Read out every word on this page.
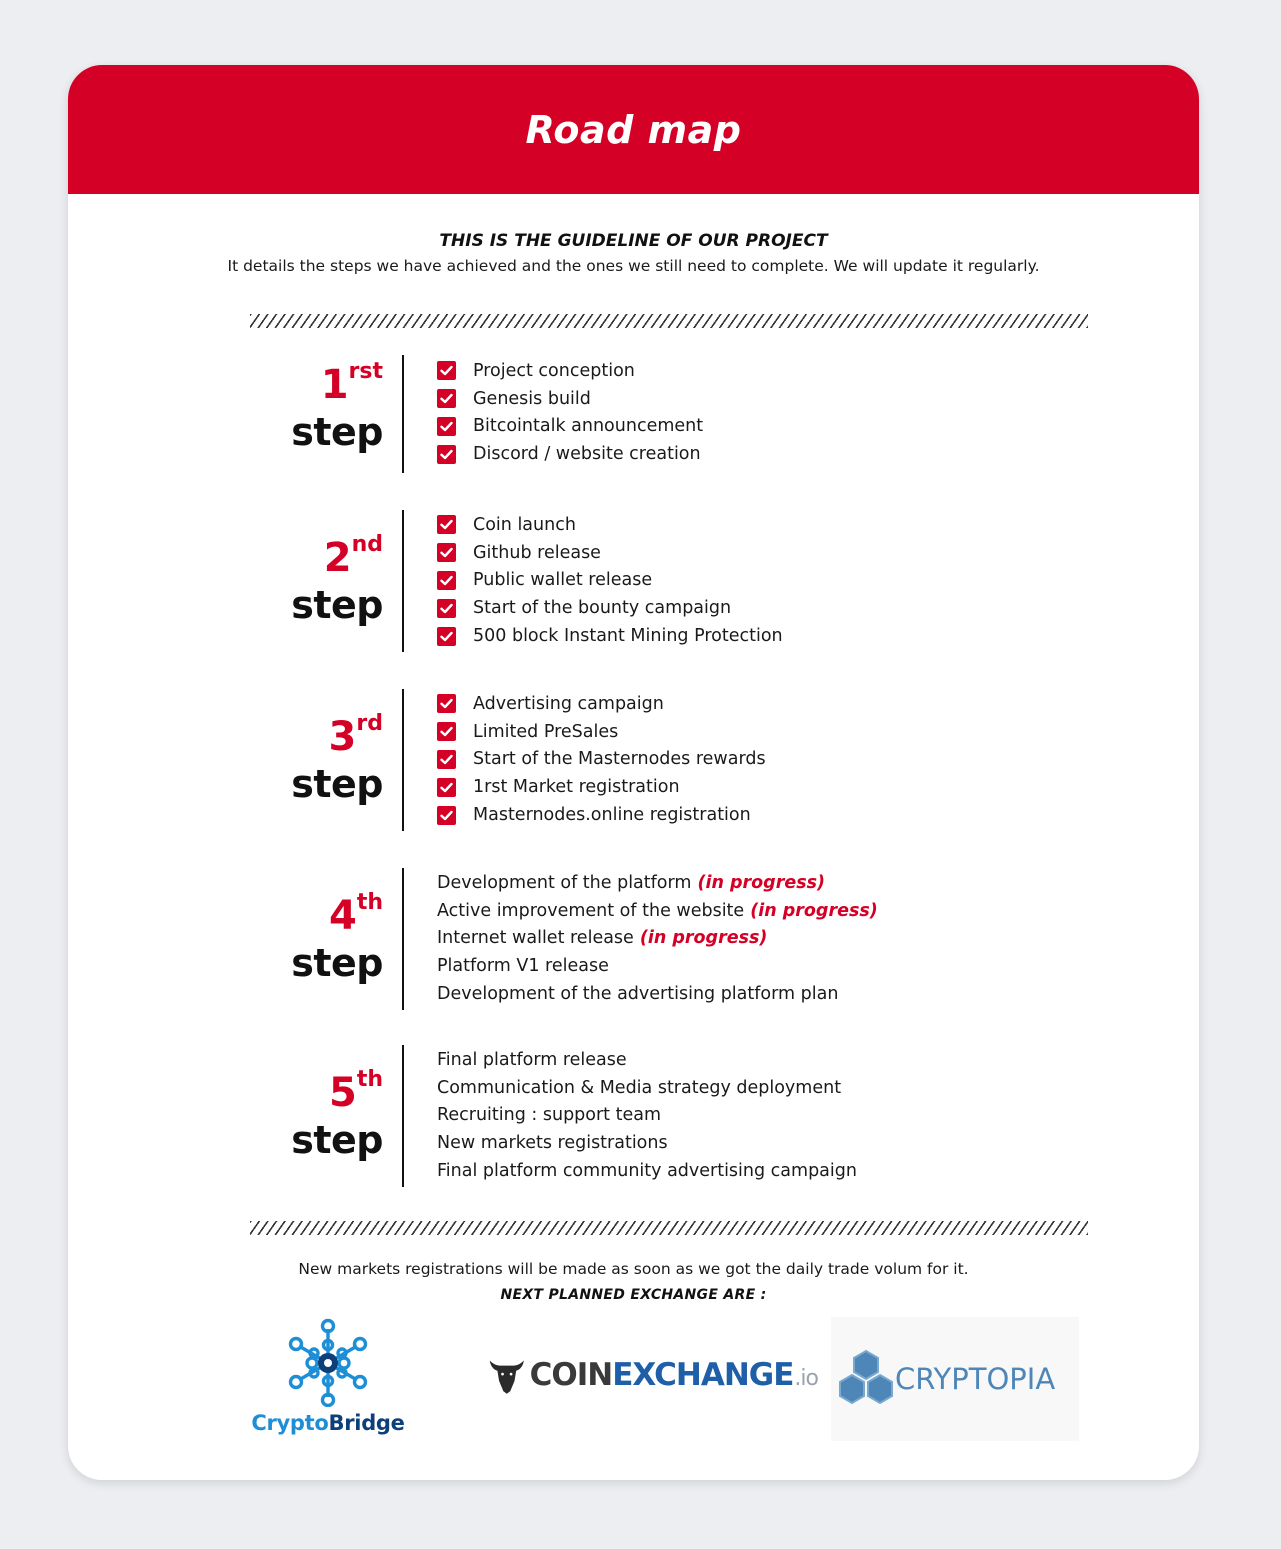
Road map
THIS IS THE GUIDELINE OF OUR PROJECT
It details the steps we have achieved and the ones we still need to complete. We will update it regularly.
$1^{rst}$
step
Project conception
Genesis build
Bitcointalk announcement
Discord / website creation
2nd
step
Coin launch
Github release
Public wallet release
Start of the bounty campaign
500 block Instant Mining Protection
3rd
step
Advertising campaign
Limited PreSales
Start of the Masternodes rewards
1rst Market registration
Masternodes.online registration
4th
step
Development of the platform (in progress)
Active improvement of the website (in progress)
Internet wallet release (in progress)
Platform V1 release
Development of the advertising platform plan
5th
step
Final platform release
Communication & Media strategy deployment
Recruiting : support team
New markets registrations
Final platform community advertising campaign
New markets registrations will be made as soon as we got the daily trade volum for it.
NEXT PLANNED EXCHANGE ARE :
CryptoBridge
COINEXCHANGE.io	CRYPTOPIA
